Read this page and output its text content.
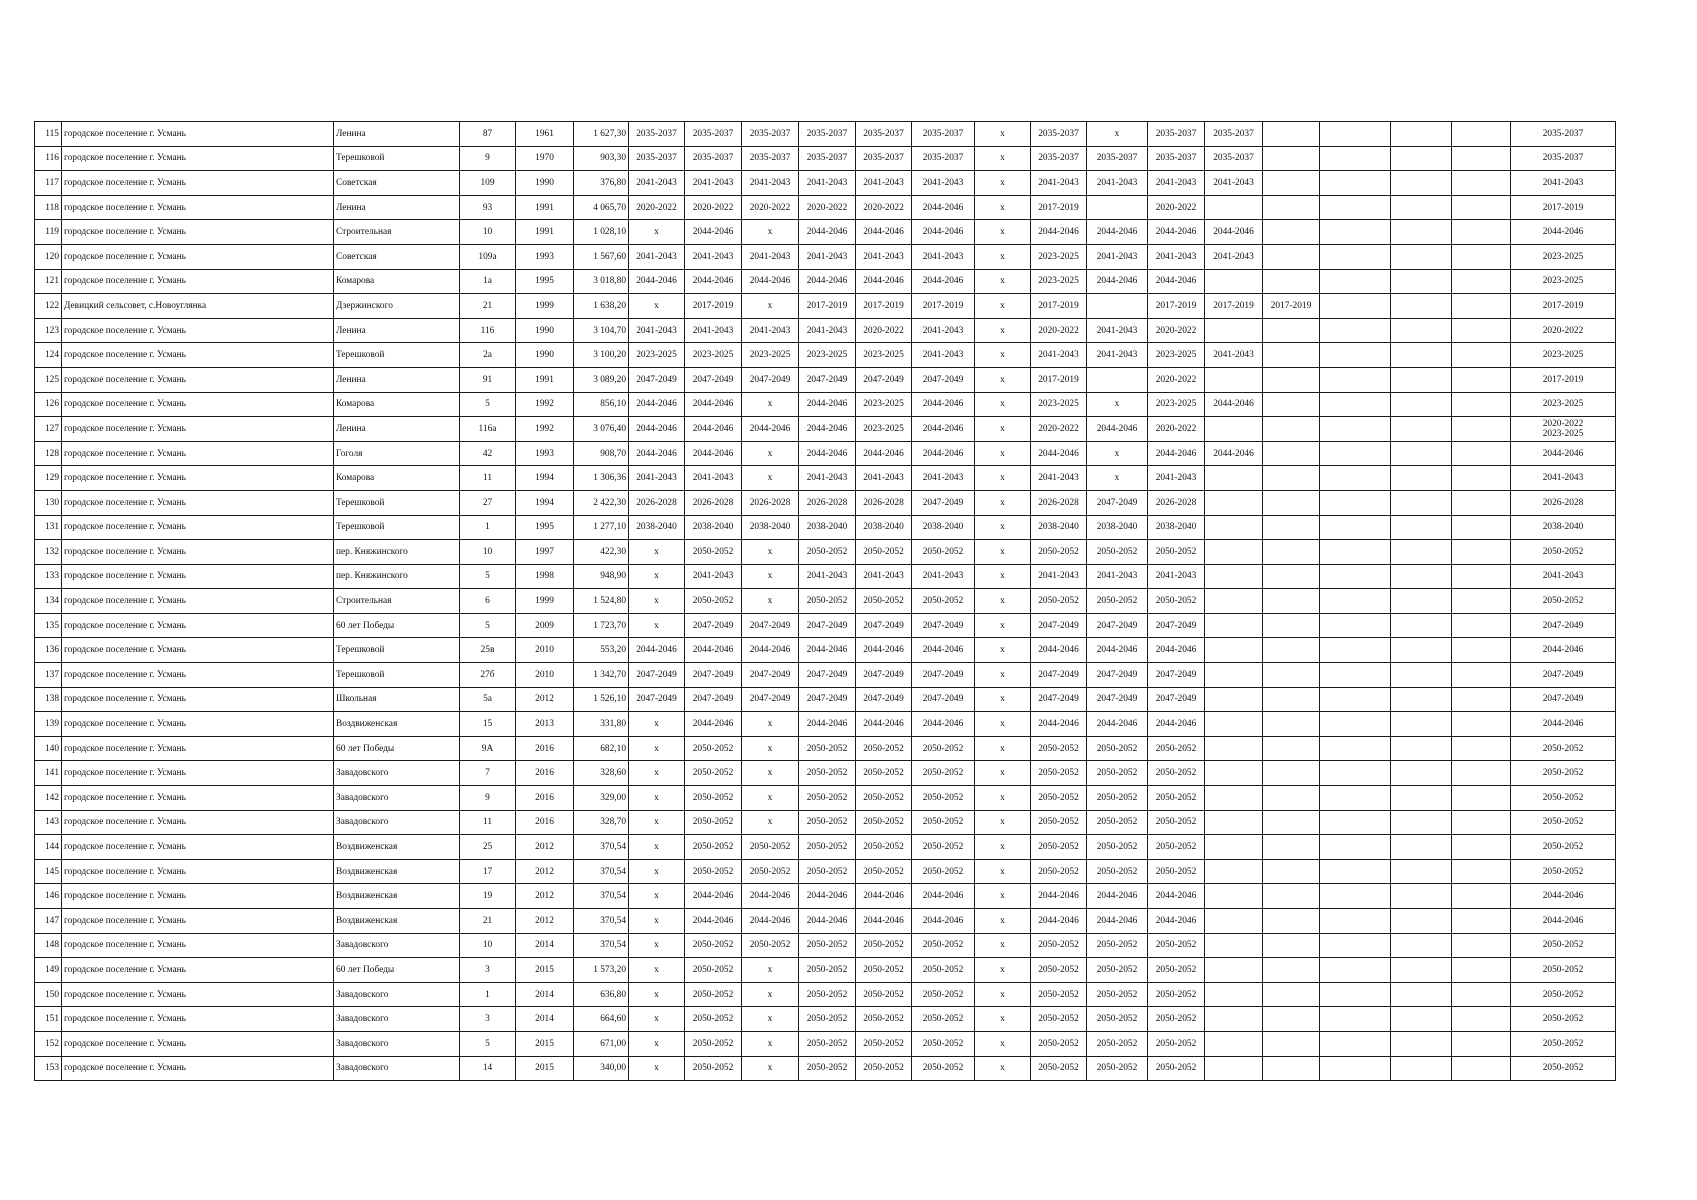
115	городское поселение г. Усмань	Ленина	87	1961	1 627,30	2035-2037	2035-2037	2035-2037	2035-2037	2035-2037	2035-2037	x	2035-2037	x	2035-2037	2035-2037					2035-2037

116	городское поселение г. Усмань	Терешковой	9	1970	903,30	2035-2037	2035-2037	2035-2037	2035-2037	2035-2037	2035-2037	x	2035-2037	2035-2037	2035-2037	2035-2037					2035-2037

117	городское поселение г. Усмань	Советская	109	1990	376,80	2041-2043	2041-2043	2041-2043	2041-2043	2041-2043	2041-2043	x	2041-2043	2041-2043	2041-2043	2041-2043					2041-2043

118	городское поселение г. Усмань	Ленина	93	1991	4 065,70	2020-2022	2020-2022	2020-2022	2020-2022	2020-2022	2044-2046	x	2017-2019		2020-2022						2017-2019

119	городское поселение г. Усмань	Строительная	10	1991	1 028,10	x	2044-2046	x	2044-2046	2044-2046	2044-2046	x	2044-2046	2044-2046	2044-2046	2044-2046					2044-2046

120	городское поселение г. Усмань	Советская	109а	1993	1 567,60	2041-2043	2041-2043	2041-2043	2041-2043	2041-2043	2041-2043	x	2023-2025	2041-2043	2041-2043	2041-2043					2023-2025

121	городское поселение г. Усмань	Комарова	1а	1995	3 018,80	2044-2046	2044-2046	2044-2046	2044-2046	2044-2046	2044-2046	x	2023-2025	2044-2046	2044-2046						2023-2025

122	Девицкий сельсовет, с.Новоуглянка	Дзержинского	21	1999	1 638,20	x	2017-2019	x	2017-2019	2017-2019	2017-2019	x	2017-2019		2017-2019	2017-2019	2017-2019				2017-2019

123	городское поселение г. Усмань	Ленина	116	1990	3 104,70	2041-2043	2041-2043	2041-2043	2041-2043	2020-2022	2041-2043	x	2020-2022	2041-2043	2020-2022						2020-2022

124	городское поселение г. Усмань	Терешковой	2а	1990	3 100,20	2023-2025	2023-2025	2023-2025	2023-2025	2023-2025	2041-2043	x	2041-2043	2041-2043	2023-2025	2041-2043					2023-2025

125	городское поселение г. Усмань	Ленина	91	1991	3 089,20	2047-2049	2047-2049	2047-2049	2047-2049	2047-2049	2047-2049	x	2017-2019		2020-2022						2017-2019

126	городское поселение г. Усмань	Комарова	5	1992	856,10	2044-2046	2044-2046	x	2044-2046	2023-2025	2044-2046	x	2023-2025	x	2023-2025	2044-2046					2023-2025

127	городское поселение г. Усмань	Ленина	116а	1992	3 076,40	2044-2046	2044-2046	2044-2046	2044-2046	2023-2025	2044-2046	x	2020-2022	2044-2046	2020-2022						2020-2022
2023-2025

128	городское поселение г. Усмань	Гоголя	42	1993	908,70	2044-2046	2044-2046	x	2044-2046	2044-2046	2044-2046	x	2044-2046	x	2044-2046	2044-2046					2044-2046

129	городское поселение г. Усмань	Комарова	11	1994	1 306,36	2041-2043	2041-2043	x	2041-2043	2041-2043	2041-2043	x	2041-2043	x	2041-2043						2041-2043

130	городское поселение г. Усмань	Терешковой	27	1994	2 422,30	2026-2028	2026-2028	2026-2028	2026-2028	2026-2028	2047-2049	x	2026-2028	2047-2049	2026-2028						2026-2028

131	городское поселение г. Усмань	Терешковой	1	1995	1 277,10	2038-2040	2038-2040	2038-2040	2038-2040	2038-2040	2038-2040	x	2038-2040	2038-2040	2038-2040						2038-2040

132	городское поселение г. Усмань	пер. Княжинского	10	1997	422,30	x	2050-2052	x	2050-2052	2050-2052	2050-2052	x	2050-2052	2050-2052	2050-2052						2050-2052

133	городское поселение г. Усмань	пер. Княжинского	5	1998	948,90	x	2041-2043	x	2041-2043	2041-2043	2041-2043	x	2041-2043	2041-2043	2041-2043						2041-2043

134	городское поселение г. Усмань	Строительная	6	1999	1 524,80	x	2050-2052	x	2050-2052	2050-2052	2050-2052	x	2050-2052	2050-2052	2050-2052						2050-2052

135	городское поселение г. Усмань	60 лет Победы	5	2009	1 723,70	x	2047-2049	2047-2049	2047-2049	2047-2049	2047-2049	x	2047-2049	2047-2049	2047-2049						2047-2049

136	городское поселение г. Усмань	Терешковой	25в	2010	553,20	2044-2046	2044-2046	2044-2046	2044-2046	2044-2046	2044-2046	x	2044-2046	2044-2046	2044-2046						2044-2046

137	городское поселение г. Усмань	Терешковой	27б	2010	1 342,70	2047-2049	2047-2049	2047-2049	2047-2049	2047-2049	2047-2049	x	2047-2049	2047-2049	2047-2049						2047-2049

138	городское поселение г. Усмань	Школьная	5а	2012	1 526,10	2047-2049	2047-2049	2047-2049	2047-2049	2047-2049	2047-2049	x	2047-2049	2047-2049	2047-2049						2047-2049

139	городское поселение г. Усмань	Воздвиженская	15	2013	331,80	x	2044-2046	x	2044-2046	2044-2046	2044-2046	x	2044-2046	2044-2046	2044-2046						2044-2046

140	городское поселение г. Усмань	60 лет Победы	9А	2016	682,10	x	2050-2052	x	2050-2052	2050-2052	2050-2052	x	2050-2052	2050-2052	2050-2052						2050-2052

141	городское поселение г. Усмань	Завадовского	7	2016	328,60	x	2050-2052	x	2050-2052	2050-2052	2050-2052	x	2050-2052	2050-2052	2050-2052						2050-2052

142	городское поселение г. Усмань	Завадовского	9	2016	329,00	x	2050-2052	x	2050-2052	2050-2052	2050-2052	x	2050-2052	2050-2052	2050-2052						2050-2052

143	городское поселение г. Усмань	Завадовского	11	2016	328,70	x	2050-2052	x	2050-2052	2050-2052	2050-2052	x	2050-2052	2050-2052	2050-2052						2050-2052

144	городское поселение г. Усмань	Воздвиженская	25	2012	370,54	x	2050-2052	2050-2052	2050-2052	2050-2052	2050-2052	x	2050-2052	2050-2052	2050-2052						2050-2052

145	городское поселение г. Усмань	Воздвиженская	17	2012	370,54	x	2050-2052	2050-2052	2050-2052	2050-2052	2050-2052	x	2050-2052	2050-2052	2050-2052						2050-2052

146	городское поселение г. Усмань	Воздвиженская	19	2012	370,54	x	2044-2046	2044-2046	2044-2046	2044-2046	2044-2046	x	2044-2046	2044-2046	2044-2046						2044-2046

147	городское поселение г. Усмань	Воздвиженская	21	2012	370,54	x	2044-2046	2044-2046	2044-2046	2044-2046	2044-2046	x	2044-2046	2044-2046	2044-2046						2044-2046

148	городское поселение г. Усмань	Завадовского	10	2014	370,54	x	2050-2052	2050-2052	2050-2052	2050-2052	2050-2052	x	2050-2052	2050-2052	2050-2052						2050-2052

149	городское поселение г. Усмань	60 лет Победы	3	2015	1 573,20	x	2050-2052	x	2050-2052	2050-2052	2050-2052	x	2050-2052	2050-2052	2050-2052						2050-2052

150	городское поселение г. Усмань	Завадовского	1	2014	636,80	x	2050-2052	x	2050-2052	2050-2052	2050-2052	x	2050-2052	2050-2052	2050-2052						2050-2052

151	городское поселение г. Усмань	Завадовского	3	2014	664,60	x	2050-2052	x	2050-2052	2050-2052	2050-2052	x	2050-2052	2050-2052	2050-2052						2050-2052

152	городское поселение г. Усмань	Завадовского	5	2015	671,00	x	2050-2052	x	2050-2052	2050-2052	2050-2052	x	2050-2052	2050-2052	2050-2052						2050-2052

153	городское поселение г. Усмань	Завадовского	14	2015	340,00	x	2050-2052	x	2050-2052	2050-2052	2050-2052	x	2050-2052	2050-2052	2050-2052						2050-2052
